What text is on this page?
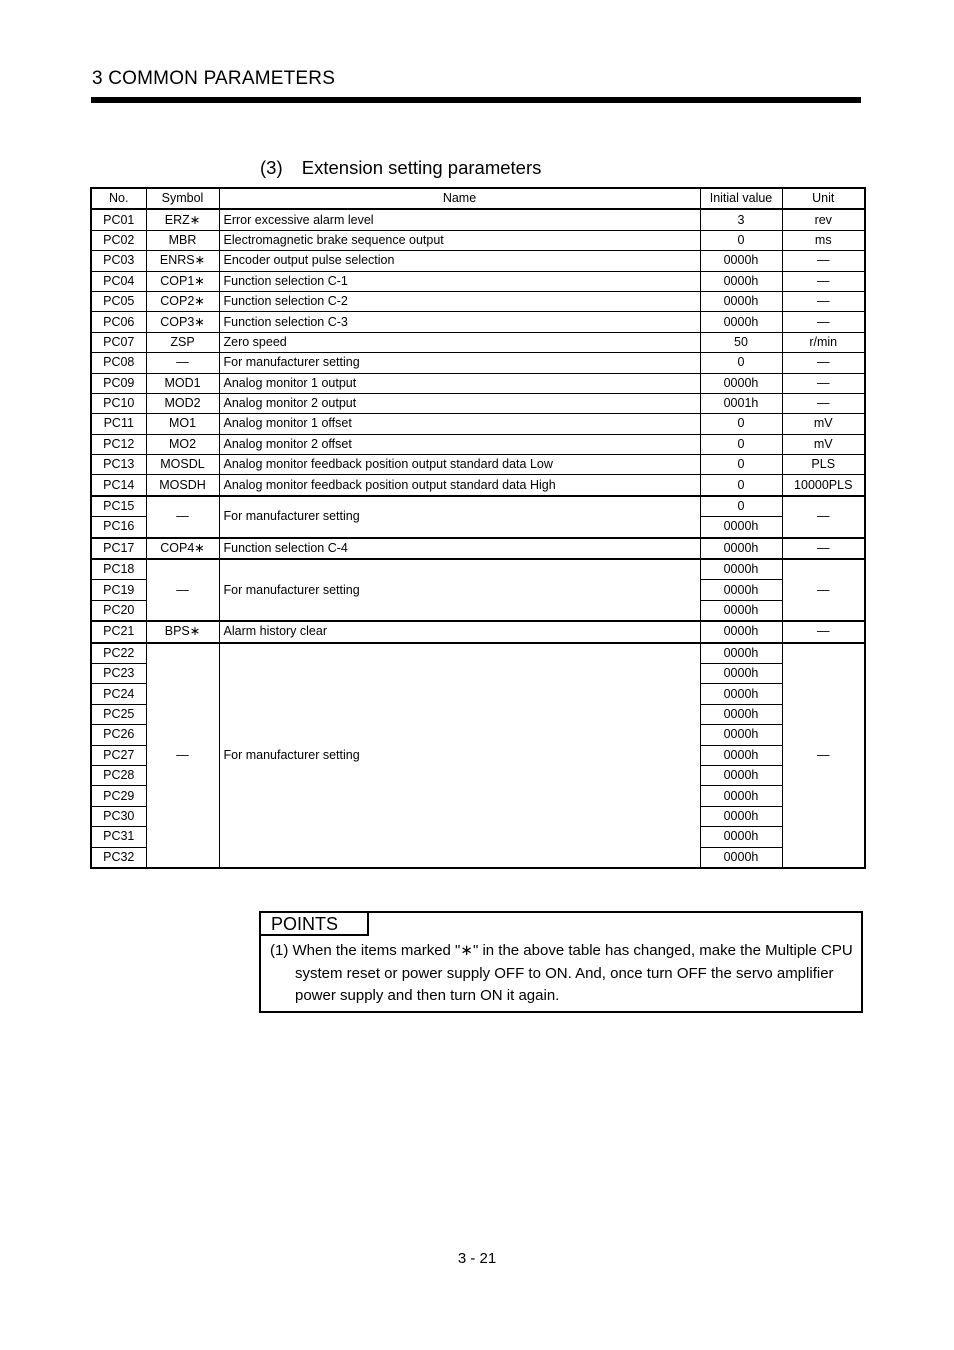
3 COMMON PARAMETERS
(3) Extension setting parameters
No.	Symbol	Name	Initial value	Unit
PC01	ERZ∗	Error excessive alarm level	3	rev
PC02	MBR	Electromagnetic brake sequence output	0	ms
PC03	ENRS∗	Encoder output pulse selection	0000h	—
PC04	COP1∗	Function selection C-1	0000h	—
PC05	COP2∗	Function selection C-2	0000h	—
PC06	COP3∗	Function selection C-3	0000h	—
PC07	ZSP	Zero speed	50	r/min
PC08	—	For manufacturer setting	0	—
PC09	MOD1	Analog monitor 1 output	0000h	—
PC10	MOD2	Analog monitor 2 output	0001h	—
PC11	MO1	Analog monitor 1 offset	0	mV
PC12	MO2	Analog monitor 2 offset	0	mV
PC13	MOSDL	Analog monitor feedback position output standard data Low	0	PLS
PC14	MOSDH	Analog monitor feedback position output standard data High	0	10000PLS
PC15	—	For manufacturer setting	0	—
PC16			0000h	
PC17	COP4∗	Function selection C-4	0000h	—
PC18	—	For manufacturer setting	0000h	—
PC19			0000h	
PC20			0000h	
PC21	BPS∗	Alarm history clear	0000h	—
PC22	—	For manufacturer setting	0000h	—
PC23			0000h	
PC24			0000h	
PC25			0000h	
PC26			0000h	
PC27			0000h	
PC28			0000h	
PC29			0000h	
PC30			0000h	
PC31			0000h	
PC32			0000h	
POINTS
(1) When the items marked "∗" in the above table has changed, make the Multiple CPU system reset or power supply OFF to ON. And, once turn OFF the servo amplifier power supply and then turn ON it again.
3 - 21
